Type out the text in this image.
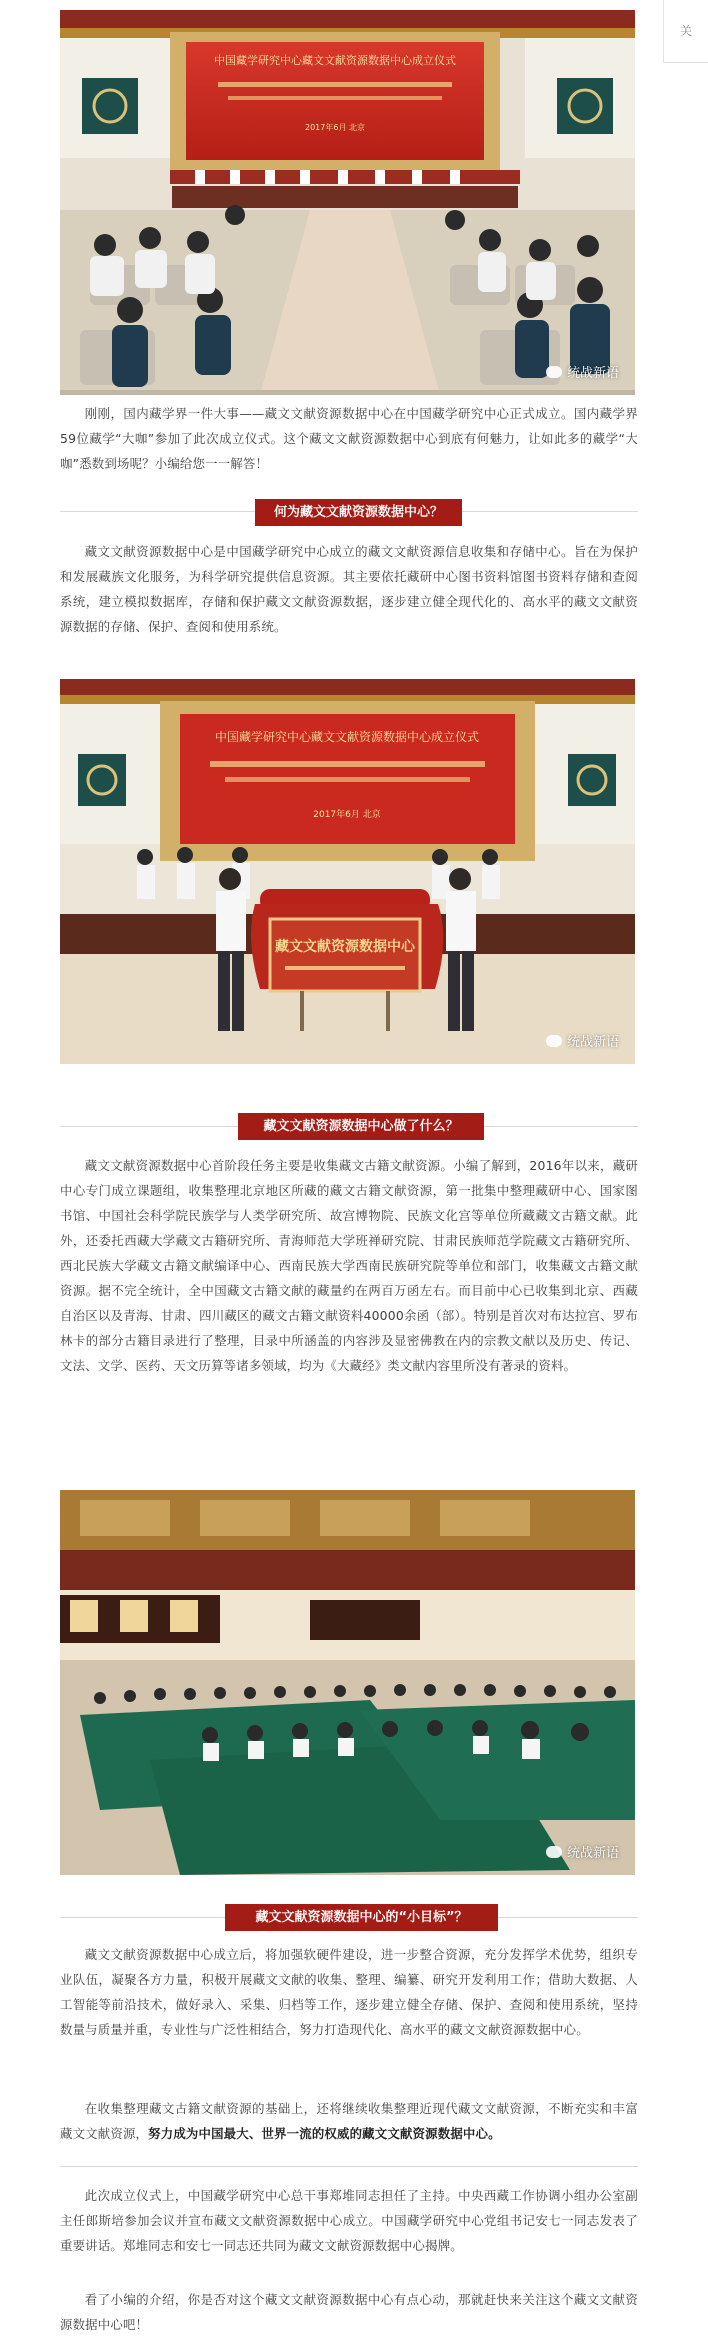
关
中国藏学研究中心藏文文献资源数据中心成立仪式
2017年6月 北京
统战新语

刚刚，国内藏学界一件大事——藏文文献资源数据中心在中国藏学研究中心正式成立。国内藏学界59位藏学“大咖”参加了此次成立仪式。这个藏文文献资源数据中心到底有何魅力，让如此多的藏学“大咖”悉数到场呢？小编给您一一解答！

何为藏文文献资源数据中心？

藏文文献资源数据中心是中国藏学研究中心成立的藏文文献资源信息收集和存储中心。旨在为保护和发展藏族文化服务，为科学研究提供信息资源。其主要依托藏研中心图书资料馆图书资料存储和查阅系统，建立模拟数据库，存储和保护藏文文献资源数据，逐步建立健全现代化的、高水平的藏文文献资源数据的存储、保护、查阅和使用系统。

中国藏学研究中心藏文文献资源数据中心成立仪式
2017年6月 北京
藏文文献资源数据中心
统战新语
藏文文献资源数据中心做了什么？

藏文文献资源数据中心首阶段任务主要是收集藏文古籍文献资源。小编了解到，2016年以来，藏研中心专门成立课题组，收集整理北京地区所藏的藏文古籍文献资源，第一批集中整理藏研中心、国家图书馆、中国社会科学院民族学与人类学研究所、故宫博物院、民族文化宫等单位所藏藏文古籍文献。此外，还委托西藏大学藏文古籍研究所、青海师范大学班禅研究院、甘肃民族师范学院藏文古籍研究所、西北民族大学藏文古籍文献编译中心、西南民族大学西南民族研究院等单位和部门，收集藏文古籍文献资源。据不完全统计，全中国藏文古籍文献的藏量约在两百万函左右。而目前中心已收集到北京、西藏自治区以及青海、甘肃、四川藏区的藏文古籍文献资料40000余函（部）。特别是首次对布达拉宫、罗布林卡的部分古籍目录进行了整理，目录中所涵盖的内容涉及显密佛教在内的宗教文献以及历史、传记、文法、文学、医药、天文历算等诸多领域，均为《大藏经》类文献内容里所没有著录的资料。

统战新语
藏文文献资源数据中心的“小目标”？

藏文文献资源数据中心成立后，将加强软硬件建设，进一步整合资源，充分发挥学术优势，组织专业队伍，凝聚各方力量，积极开展藏文文献的收集、整理、编纂、研究开发利用工作；借助大数据、人工智能等前沿技术，做好录入、采集、归档等工作，逐步建立健全存储、保护、查阅和使用系统，坚持数量与质量并重，专业性与广泛性相结合，努力打造现代化、高水平的藏文文献资源数据中心。

在收集整理藏文古籍文献资源的基础上，还将继续收集整理近现代藏文文献资源，不断充实和丰富藏文文献资源，努力成为中国最大、世界一流的权威的藏文文献资源数据中心。

此次成立仪式上，中国藏学研究中心总干事郑堆同志担任了主持。中央西藏工作协调小组办公室副主任郎斯培参加会议并宣布藏文文献资源数据中心成立。中国藏学研究中心党组书记安七一同志发表了重要讲话。郑堆同志和安七一同志还共同为藏文文献资源数据中心揭牌。

看了小编的介绍，你是否对这个藏文文献资源数据中心有点心动，那就赶快来关注这个藏文文献资源数据中心吧！
